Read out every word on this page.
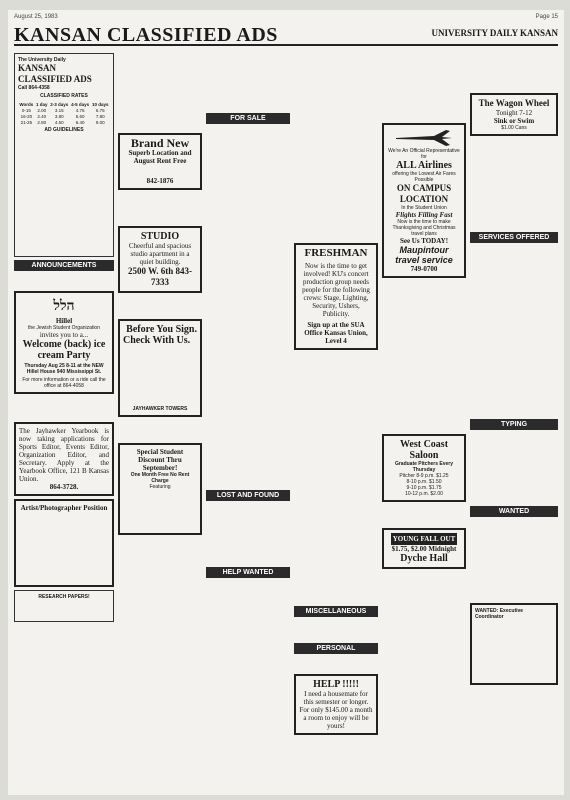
August 25, 1983	Page 15
KANSAN CLASSIFIED ADS	UNIVERSITY DAILY KANSAN
The University Daily
KANSAN CLASSIFIED ADS
Call 864-4358
CLASSIFIED RATES
Words	1 day	2-3 days	4-5 days	10 days
0-15	2.00	3.15	4.75	6.75
16-20	2.40	3.80	5.60	7.80
21-25	2.80	4.50	6.40	9.00
AD GUIDELINES
ANNOUNCEMENTS
הלל
Hillel
the Jewish Student Organization
invites you to a...
Welcome (back) ice cream Party
Thursday Aug 25 8-11 at the NEW Hillel House 940 Mississippi St.
For more information or a ride call the office at 864-4058
The Jayhawker Yearbook is now taking applications for Sports Editor, Events Editor, Organization Editor, and Secretary. Apply at the Yearbook Office, 121 B Kansas Union.
864-3728.
Artist/Photographer Position
RESEARCH PAPERS!
Brand New
Superb Location and August Rent Free
842-1876
STUDIO
Cheerful and spacious studio apartment in a quiet building.
2500 W. 6th 843-7333
Before You Sign.
Check With Us.
JAYHAWKER TOWERS
Special Student Discount Thru September!
One Month Free No Rent Charge
Featuring
FOR SALE
LOST AND FOUND
HELP WANTED
FRESHMAN
Now is the time to get involved! KU's concert production group needs people for the following crews: Stage, Lighting, Security, Ushers, Publicity.
Sign up at the SUA Office Kansas Union, Level 4
MISCELLANEOUS
PERSONAL
HELP !!!!!
I need a housemate for this semester or longer. For only $145.00 a month a room to enjoy will be yours!
We're An Official Representative for
ALL Airlines
offering the Lowest Air Fares Possible
ON CAMPUS LOCATION
In the Student Union
Flights Filling Fast
Now is the time to make Thanksgiving and Christmas travel plans
See Us TODAY!
Maupintour travel service
749-0700
West Coast Saloon
Graduate Pitchers Every Thursday
Pitcher 8-9 p.m. $1.25
8-10 p.m. $1.50
9-10 p.m. $1.75
10-12 p.m. $2.00
YOUNG FALL OUT
$1.75, $2.00 Midnight
Dyche Hall
The Wagon Wheel
Tonight 7-12
Sink or Swim
$1.00 Cans
SERVICES OFFERED
TYPING
WANTED
WANTED: Executive Coordinator
